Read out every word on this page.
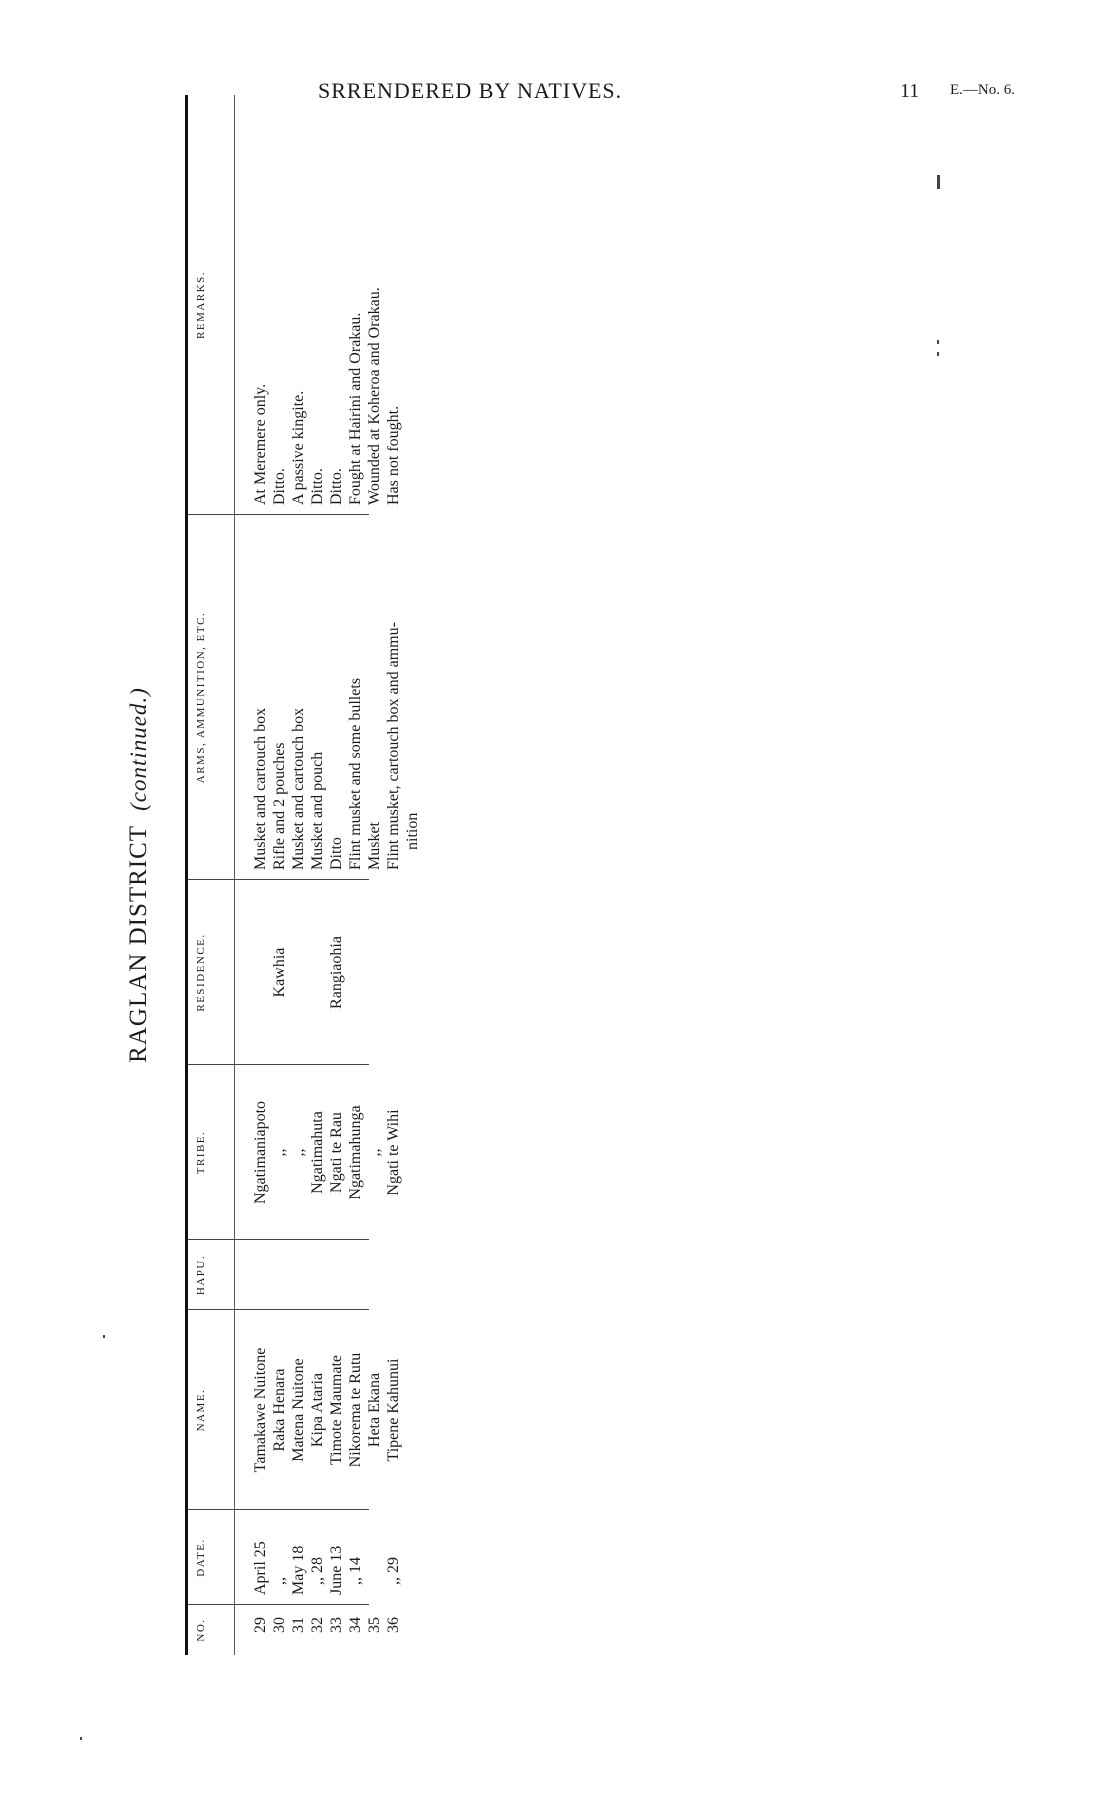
SRRENDERED BY NATIVES.	11 E.—No. 6.
RAGLAN DISTRICT(continued.)
NO.
DATE.
NAME.
HAPU.
TRIBE.
RESIDENCE.
ARMS, AMMUNITION, ETC.
REMARKS.
29
April 25
Tamakawe Nuitone
Ngatimaniapoto
Musket and cartouch box
At Meremere only.
30
,,
Raka Henara
,,
Kawhia
Rifle and 2 pouches
Ditto.
31
May 18
Matena Nuitone
,,
Musket and cartouch box
A passive kingite.
32
,, 28
Kipa Ataria
Ngatimahuta
Musket and pouch
Ditto.
33
June 13
Timote Maumate
Ngati te Rau
Rangiaohia
Ditto
Ditto.
34
,, 14
Nikorema te Rutu
Ngatimahunga
Flint musket and some bullets
Fought at Hairini and Orakau.
35
Heta Ekana
,,
Musket
Wounded at Koheroa and Orakau.
36
,, 29
Tipene Kahunui
Ngati te Wihi
Flint musket, cartouch box and ammu-
Has not fought.
nition
